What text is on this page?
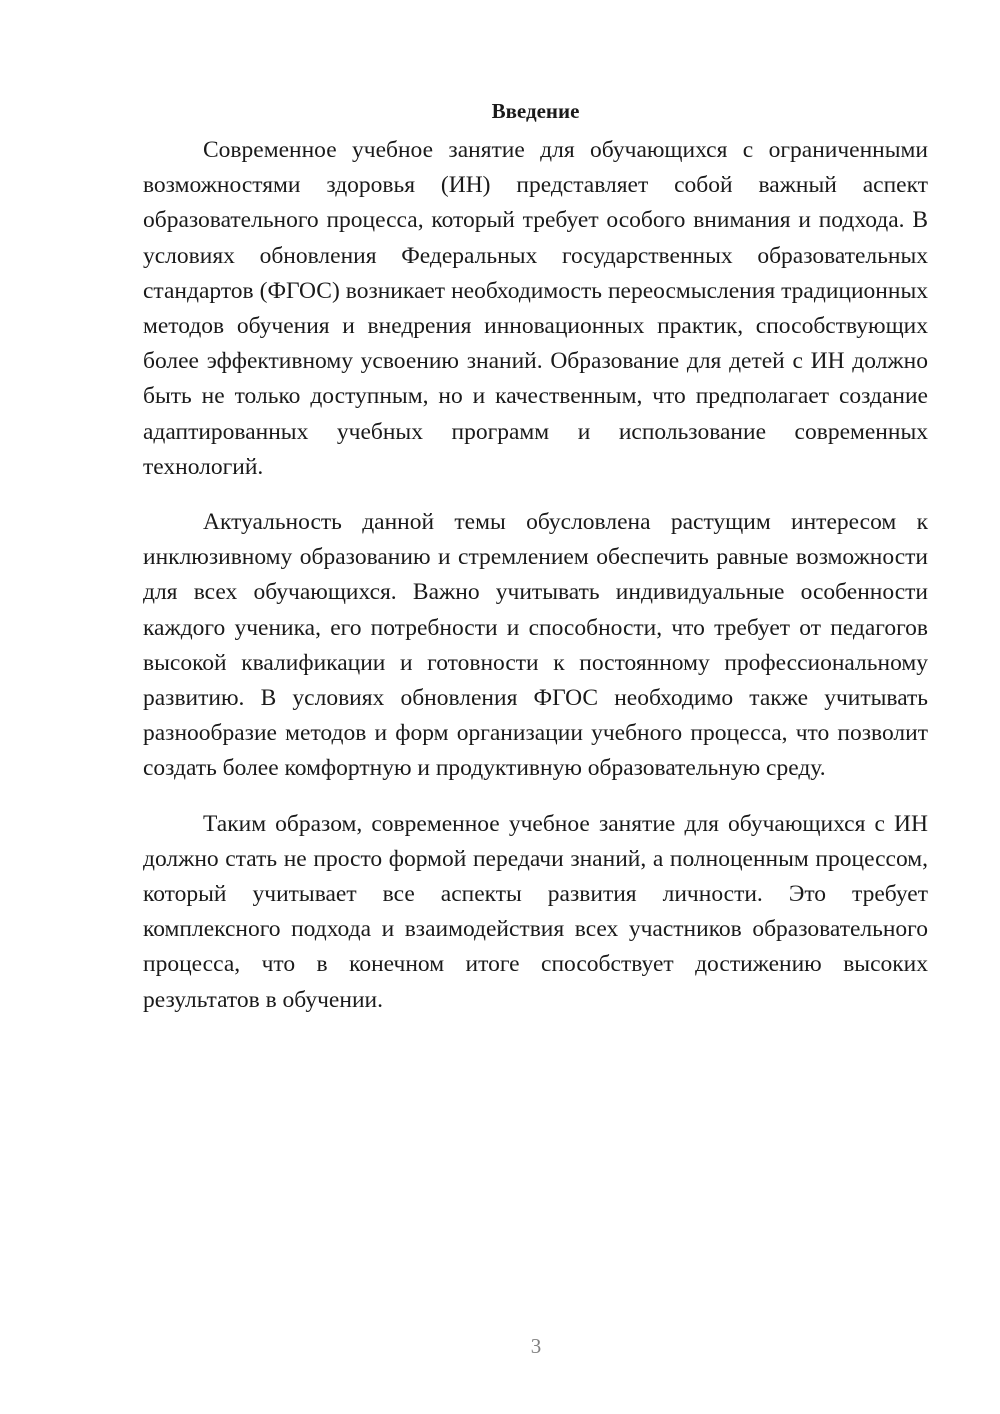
Введение

Современное учебное занятие для обучающихся с ограниченными возможностями здоровья (ИН) представляет собой важный аспект образовательного процесса, который требует особого внимания и подхода. В условиях обновления Федеральных государственных образовательных стандартов (ФГОС) возникает необходимость переосмысления традиционных методов обучения и внедрения инновационных практик, способствующих более эффективному усвоению знаний. Образование для детей с ИН должно быть не только доступным, но и качественным, что предполагает создание адаптированных учебных программ и использование современных технологий.

Актуальность данной темы обусловлена растущим интересом к инклюзивному образованию и стремлением обеспечить равные возможности для всех обучающихся. Важно учитывать индивидуальные особенности каждого ученика, его потребности и способности, что требует от педагогов высокой квалификации и готовности к постоянному профессиональному развитию. В условиях обновления ФГОС необходимо также учитывать разнообразие методов и форм организации учебного процесса, что позволит создать более комфортную и продуктивную образовательную среду.

Таким образом, современное учебное занятие для обучающихся с ИН должно стать не просто формой передачи знаний, а полноценным процессом, который учитывает все аспекты развития личности. Это требует комплексного подхода и взаимодействия всех участников образовательного процесса, что в конечном итоге способствует достижению высоких результатов в обучении.

3
